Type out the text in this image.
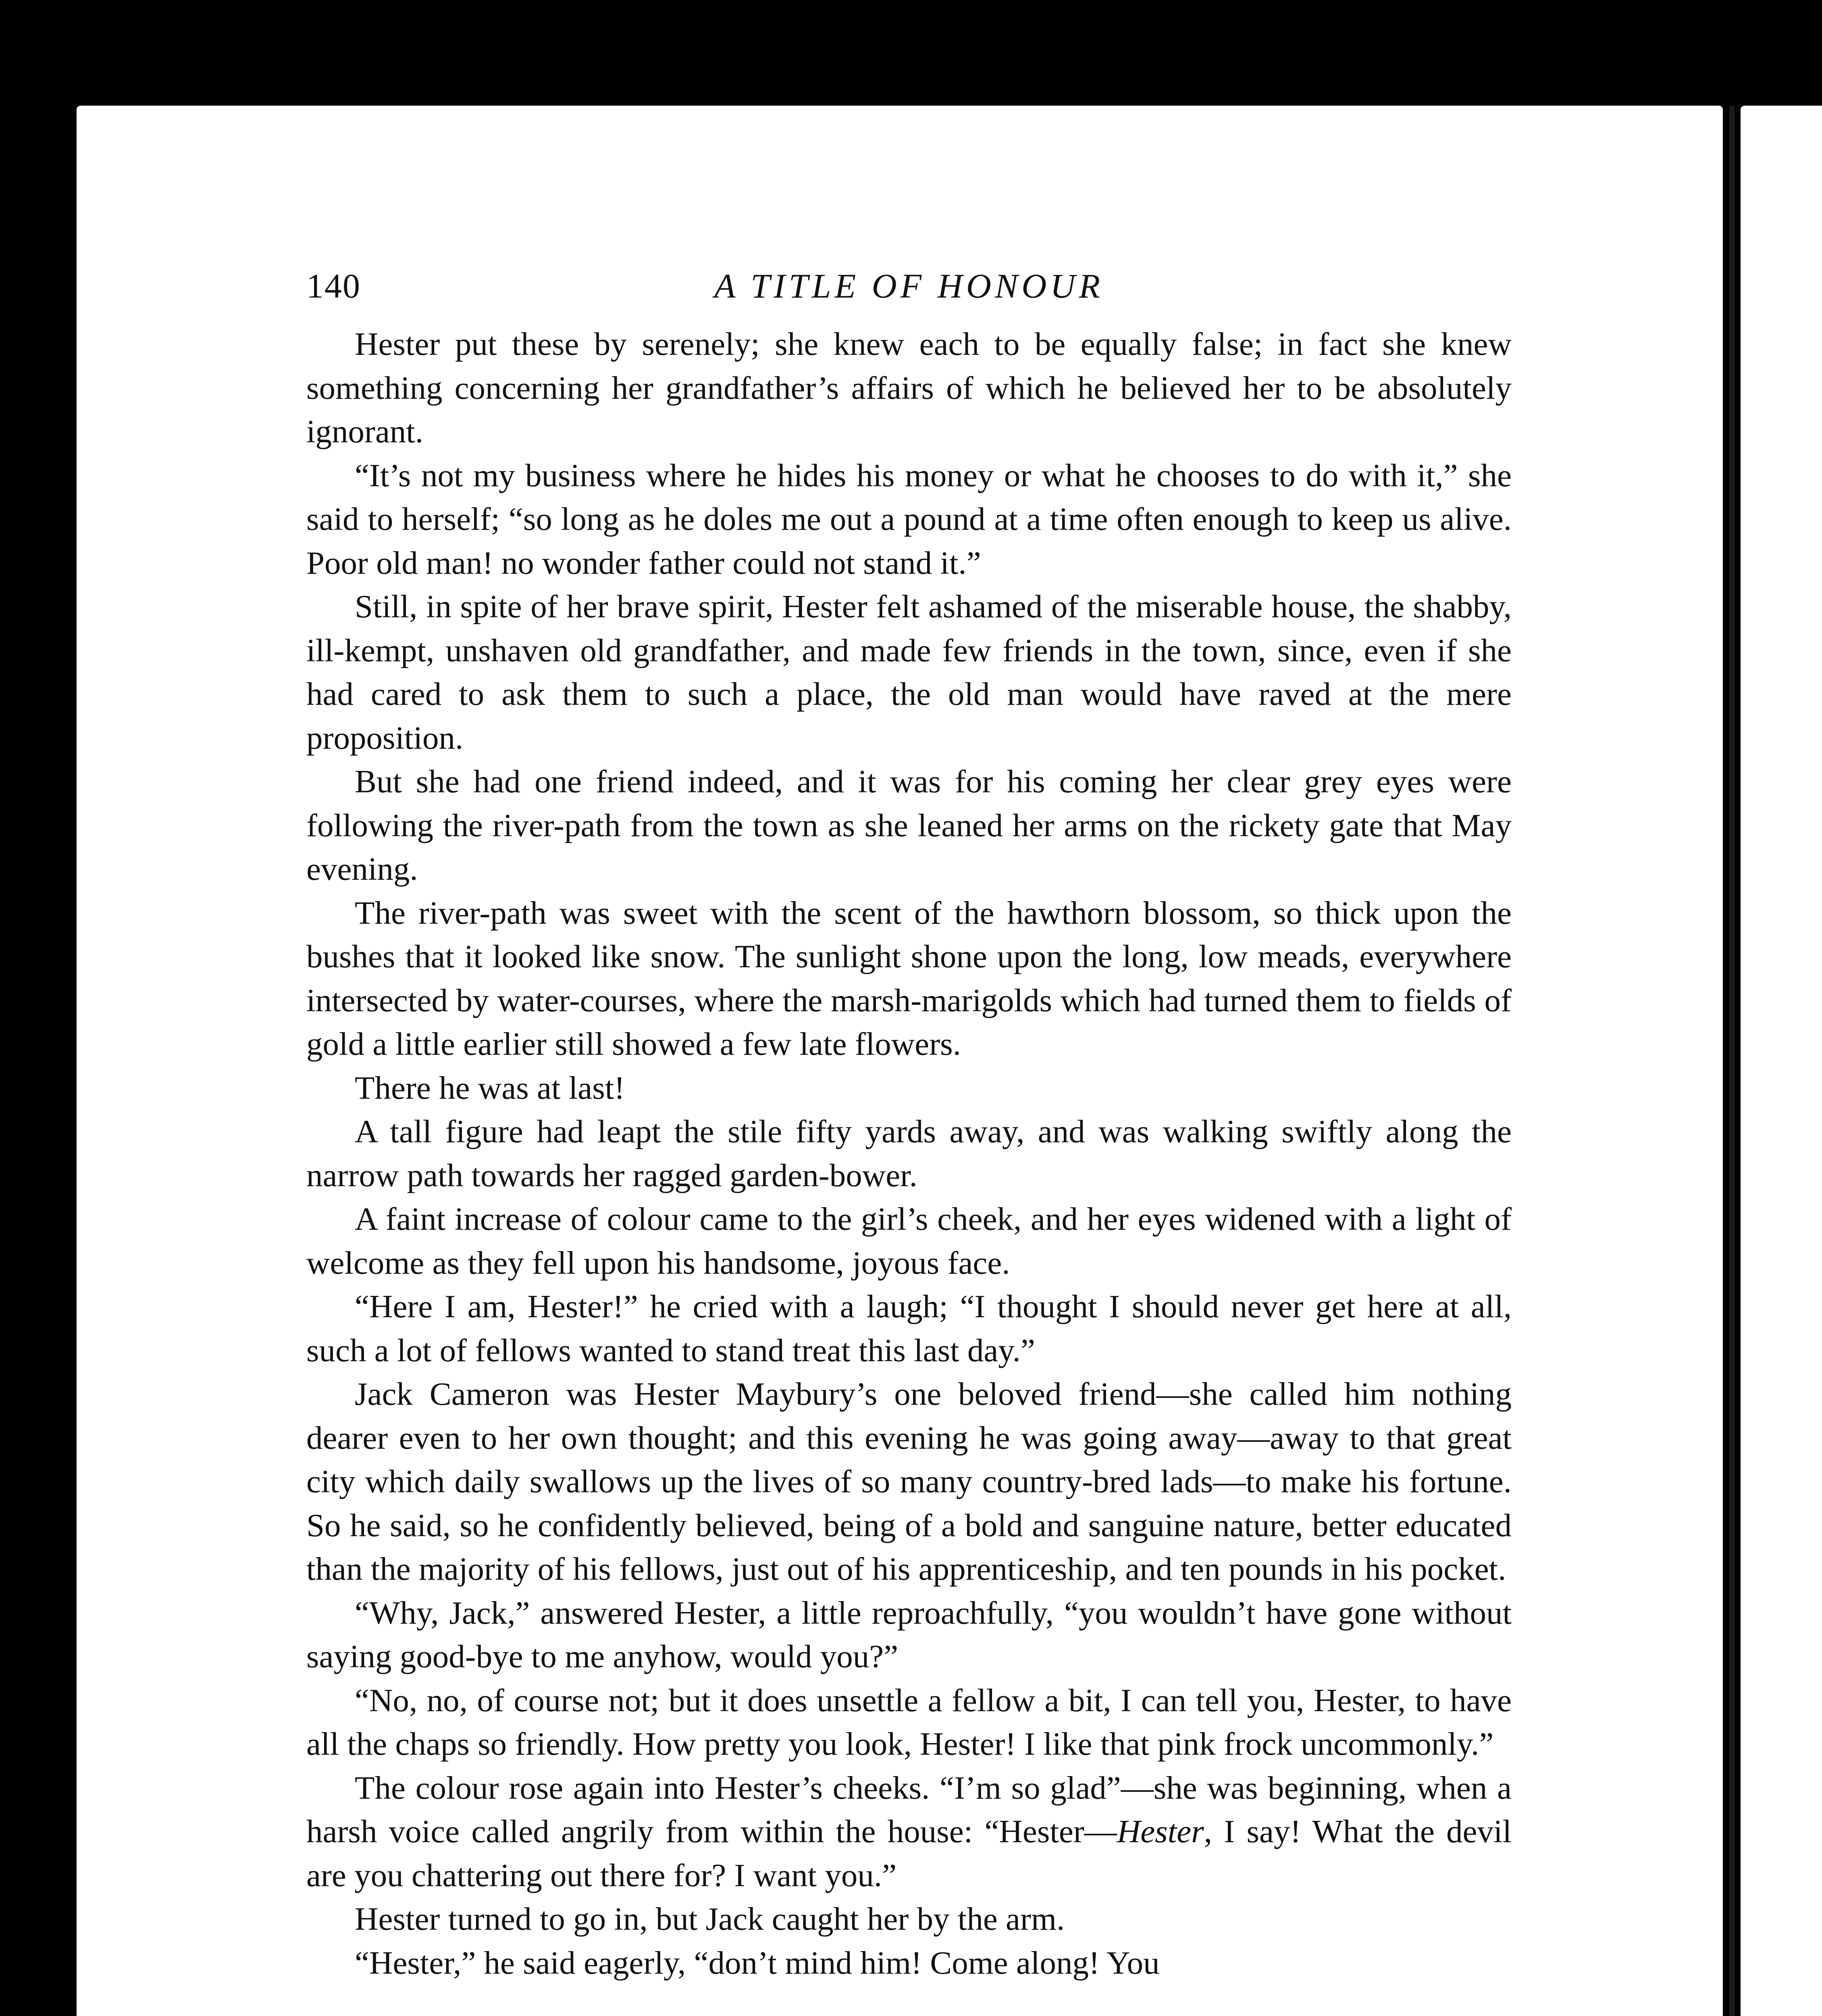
140	A TITLE OF HONOUR

Hester put these by serenely; she knew each to be equally false; in fact she knew something concerning her grandfather’s affairs of which he believed her to be absolutely ignorant.

“It’s not my business where he hides his money or what he chooses to do with it,” she said to herself; “so long as he doles me out a pound at a time often enough to keep us alive. Poor old man! no wonder father could not stand it.”

Still, in spite of her brave spirit, Hester felt ashamed of the miserable house, the shabby, ill-kempt, unshaven old grandfather, and made few friends in the town, since, even if she had cared to ask them to such a place, the old man would have raved at the mere proposition.

But she had one friend indeed, and it was for his coming her clear grey eyes were following the river-path from the town as she leaned her arms on the rickety gate that May evening.

The river-path was sweet with the scent of the hawthorn blossom, so thick upon the bushes that it looked like snow. The sunlight shone upon the long, low meads, everywhere intersected by water-courses, where the marsh-marigolds which had turned them to fields of gold a little earlier still showed a few late flowers.

There he was at last!

A tall figure had leapt the stile fifty yards away, and was walking swiftly along the narrow path towards her ragged garden-bower.

A faint increase of colour came to the girl’s cheek, and her eyes widened with a light of welcome as they fell upon his handsome, joyous face.

“Here I am, Hester!” he cried with a laugh; “I thought I should never get here at all, such a lot of fellows wanted to stand treat this last day.”

Jack Cameron was Hester Maybury’s one beloved friend—she called him nothing dearer even to her own thought; and this evening he was going away—away to that great city which daily swallows up the lives of so many country-bred lads—to make his fortune. So he said, so he confidently believed, being of a bold and sanguine nature, better educated than the majority of his fellows, just out of his apprenticeship, and ten pounds in his pocket.

“Why, Jack,” answered Hester, a little reproachfully, “you wouldn’t have gone without saying good-bye to me anyhow, would you?”

“No, no, of course not; but it does unsettle a fellow a bit, I can tell you, Hester, to have all the chaps so friendly. How pretty you look, Hester! I like that pink frock uncommonly.”

The colour rose again into Hester’s cheeks. “I’m so glad”—she was beginning, when a harsh voice called angrily from within the house: “Hester—Hester, I say! What the devil are you chattering out there for? I want you.”

Hester turned to go in, but Jack caught her by the arm.

“Hester,” he said eagerly, “don’t mind him! Come along! You
